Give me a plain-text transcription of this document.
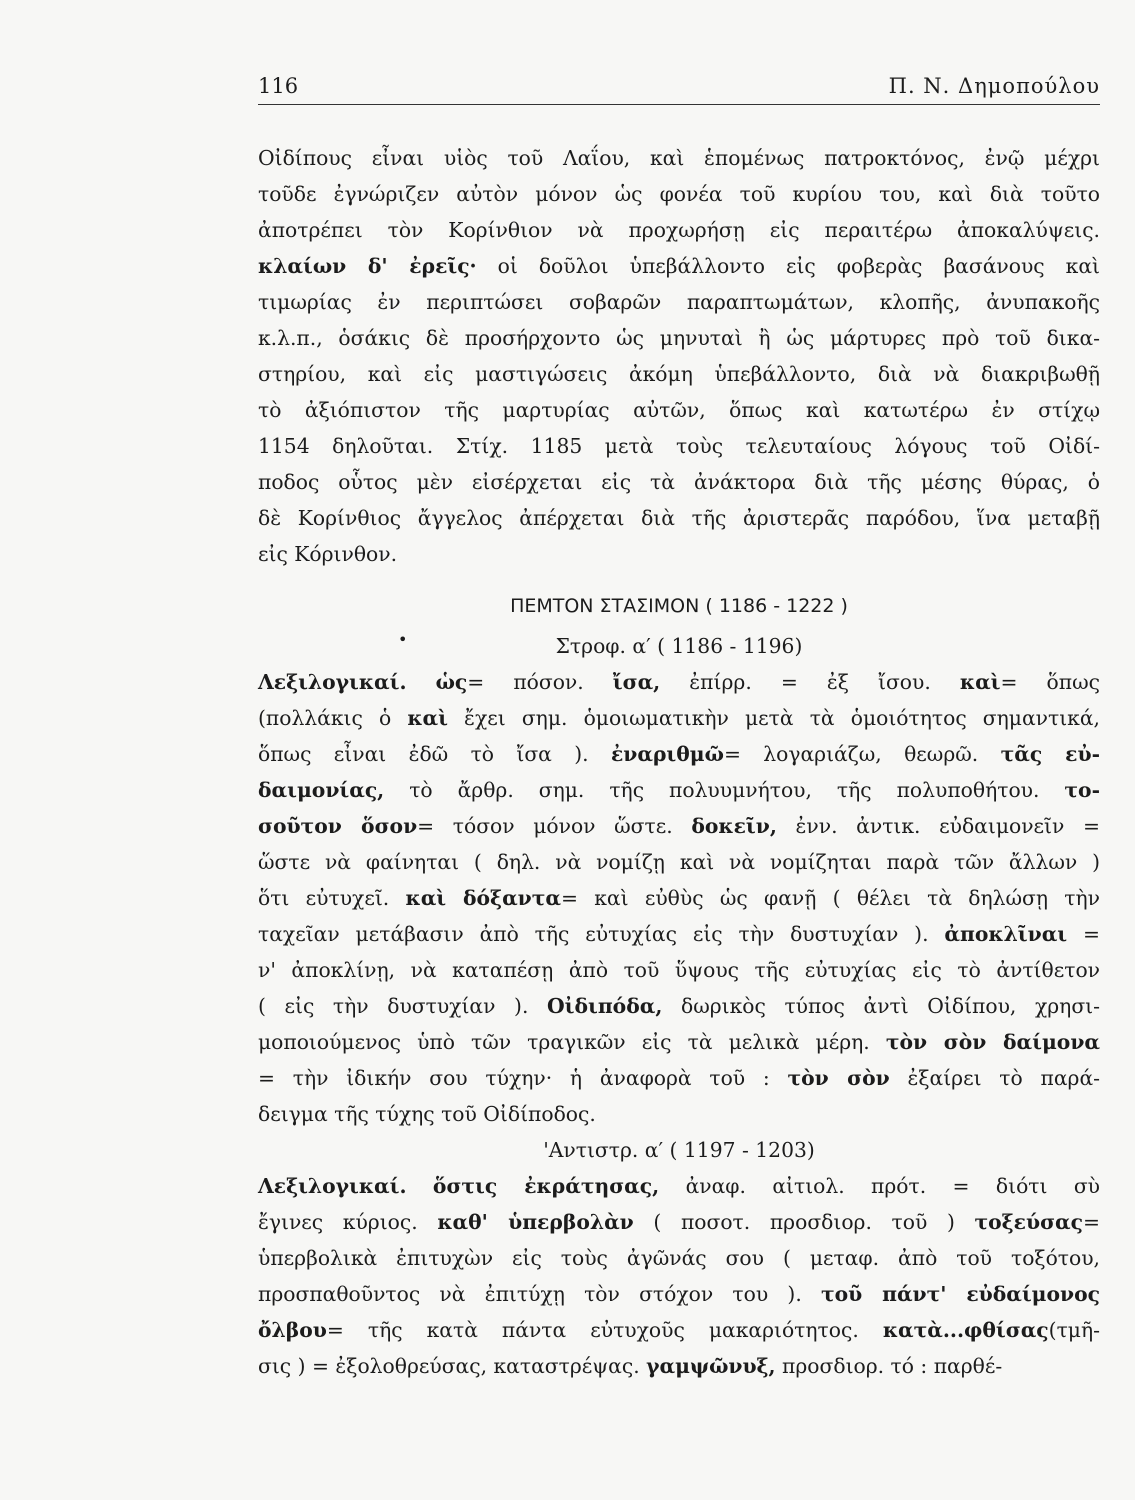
116	Π. Ν. Δημοπούλου

Οἰδίπους εἶναι υἱὸς τοῦ Λαΐου, καὶ ἑπομένως πατροκτόνος, ἐνῷ μέχρι
τοῦδε ἐγνώριζεν αὐτὸν μόνον ὡς φονέα τοῦ κυρίου του, καὶ διὰ τοῦτο
ἀποτρέπει τὸν Κορίνθιον νὰ προχωρήσῃ εἰς περαιτέρω ἀποκαλύψεις.
κλαίων δ' ἐρεῖς· οἱ δοῦλοι ὑπεβάλλοντο εἰς φοβερὰς βασάνους καὶ
τιμωρίας ἐν περιπτώσει σοβαρῶν παραπτωμάτων, κλοπῆς, ἀνυπακοῆς
κ.λ.π., ὁσάκις δὲ προσήρχοντο ὡς μηνυταὶ ἢ ὡς μάρτυρες πρὸ τοῦ δικα-
στηρίου, καὶ εἰς μαστιγώσεις ἀκόμη ὑπεβάλλοντο, διὰ νὰ διακριβωθῇ
τὸ ἀξιόπιστον τῆς μαρτυρίας αὐτῶν, ὅπως καὶ κατωτέρω ἐν στίχῳ
1154 δηλοῦται. Στίχ. 1185 μετὰ τοὺς τελευταίους λόγους τοῦ Οἰδί-
ποδος οὗτος μὲν εἰσέρχεται εἰς τὰ ἀνάκτορα διὰ τῆς μέσης θύρας, ὁ
δὲ Κορίνθιος ἄγγελος ἀπέρχεται διὰ τῆς ἀριστερᾶς παρόδου, ἵνα μεταβῇ
εἰς Κόρινθον.

ΠΕΜΤΟΝ ΣΤΑΣΙΜΟΝ ( 1186 - 1222 )
•	Στροφ. α′ ( 1186 - 1196)
Λεξιλογικαί. ὡς= πόσον. ἴσα, ἐπίρρ. = ἐξ ἴσου. καὶ= ὅπως
(πολλάκις ὁ καὶ ἔχει σημ. ὁμοιωματικὴν μετὰ τὰ ὁμοιότητος σημαντικά,
ὅπως εἶναι ἐδῶ τὸ ἴσα ). ἐναριθμῶ= λογαριάζω, θεωρῶ. τᾶς εὐ-
δαιμονίας, τὸ ἄρθρ. σημ. τῆς πολυυμνήτου, τῆς πολυποθήτου. το-
σοῦτον ὅσον= τόσον μόνον ὥστε. δοκεῖν, ἐνν. ἀντικ. εὐδαιμονεῖν =
ὥστε νὰ φαίνηται ( δηλ. νὰ νομίζῃ καὶ νὰ νομίζηται παρὰ τῶν ἄλλων )
ὅτι εὐτυχεῖ. καὶ δόξαντα= καὶ εὐθὺς ὡς φανῇ ( θέλει τὰ δηλώσῃ τὴν
ταχεῖαν μετάβασιν ἀπὸ τῆς εὐτυχίας εἰς τὴν δυστυχίαν ). ἀποκλῖναι =
ν' ἀποκλίνῃ, νὰ καταπέσῃ ἀπὸ τοῦ ὕψους τῆς εὐτυχίας εἰς τὸ ἀντίθετον
( εἰς τὴν δυστυχίαν ). Οἰδιπόδα, δωρικὸς τύπος ἀντὶ Οἰδίπου, χρησι-
μοποιούμενος ὑπὸ τῶν τραγικῶν εἰς τὰ μελικὰ μέρη. τὸν σὸν δαίμονα
= τὴν ἰδικήν σου τύχην· ἡ ἀναφορὰ τοῦ : τὸν σὸν ἐξαίρει τὸ παρά-
δειγμα τῆς τύχης τοῦ Οἰδίποδος.
'Αντιστρ. α′ ( 1197 - 1203)
Λεξιλογικαί. ὅστις ἐκράτησας, ἀναφ. αἰτιολ. πρότ. = διότι σὺ
ἔγινες κύριος. καθ' ὑπερβολὰν ( ποσοτ. προσδιορ. τοῦ ) τοξεύσας=
ὑπερβολικὰ ἐπιτυχὼν εἰς τοὺς ἀγῶνάς σου ( μεταφ. ἀπὸ τοῦ τοξότου,
προσπαθοῦντος νὰ ἐπιτύχῃ τὸν στόχον του ). τοῦ πάντ' εὐδαίμονος
ὄλβου= τῆς κατὰ πάντα εὐτυχοῦς μακαριότητος. κατὰ...φθίσας(τμῆ-
σις ) = ἐξολοθρεύσας, καταστρέψας. γαμψῶνυξ, προσδιορ. τό : παρθέ-
